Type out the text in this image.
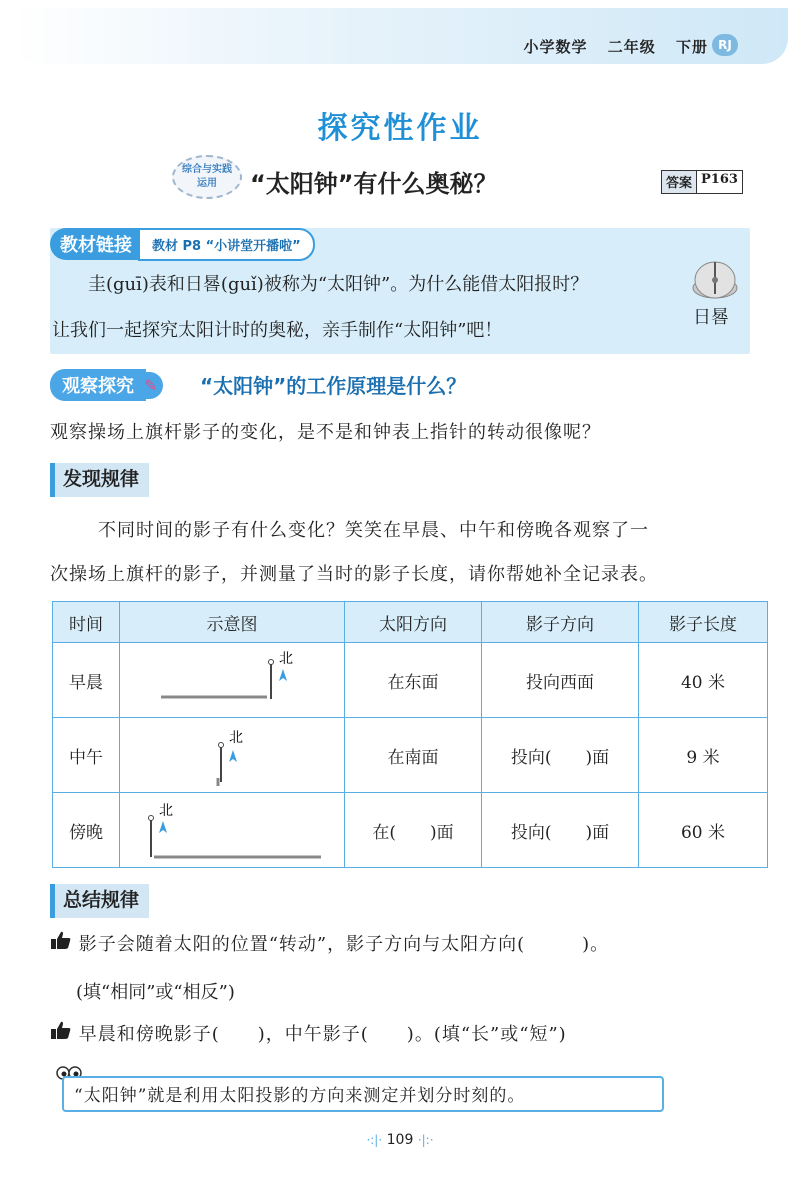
小学数学 二年级 下册 RJ
探究性作业
综合与实践
运用	“太阳钟”有什么奥秘？	答案 P163
教材链接	教材 P8 “小讲堂开播啦”
圭(guī)表和日晷(guǐ)被称为“太阳钟”。为什么能借太阳报时？
让我们一起探究太阳计时的奥秘，亲手制作“太阳钟”吧！
日晷
观察探究 ✎	“太阳钟”的工作原理是什么？
观察操场上旗杆影子的变化，是不是和钟表上指针的转动很像呢？
发现规律
不同时间的影子有什么变化？笑笑在早晨、中午和傍晚各观察了一
次操场上旗杆的影子，并测量了当时的影子长度，请你帮她补全记录表。
时间	示意图	太阳方向	影子方向	影子长度
早晨	北	在东面	投向西面	40 米
中午	北	在南面	投向(　　)面	9 米
傍晚	北	在(　　)面	投向(　　)面	60 米
总结规律
影子会随着太阳的位置“转动”，影子方向与太阳方向(　　　)。
(填“相同”或“相反”)
早晨和傍晚影子(　　)，中午影子(　　)。(填“长”或“短”)
“太阳钟”就是利用太阳投影的方向来测定并划分时刻的。
·:|· 109 ·|:·
